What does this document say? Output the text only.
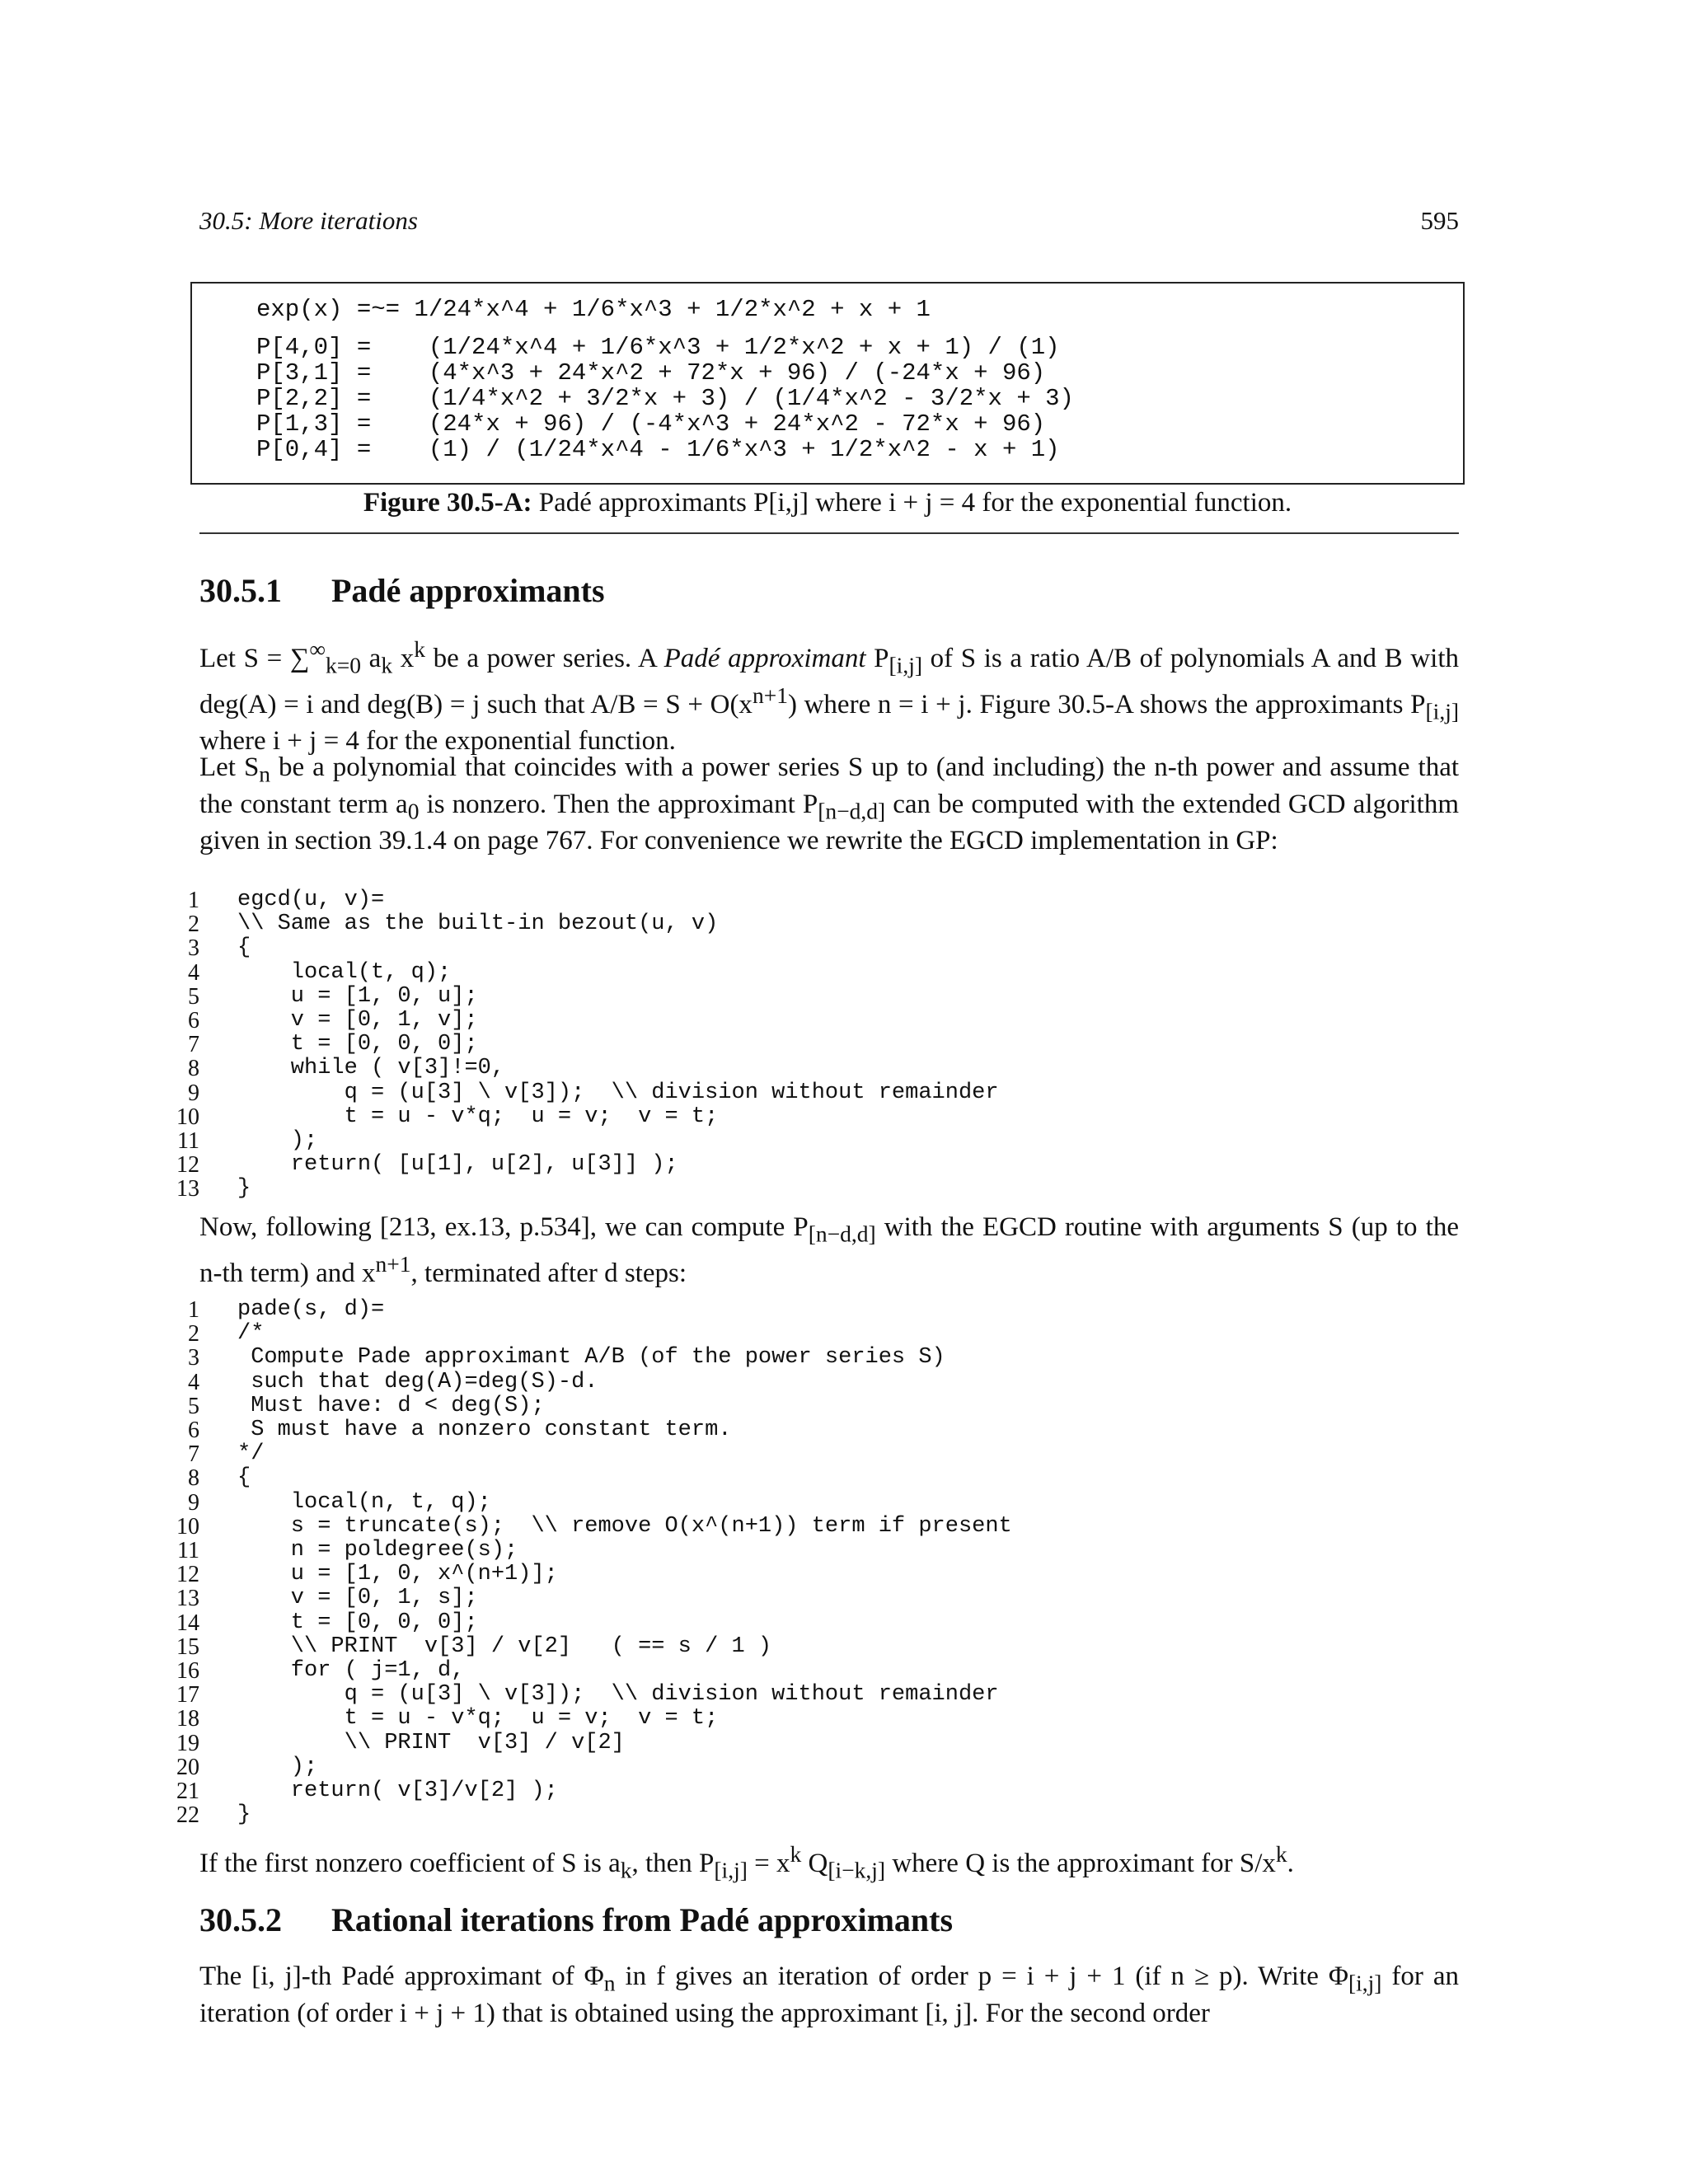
30.5: More iterations	595
exp(x) =~= 1/24*x^4 + 1/6*x^3 + 1/2*x^2 + x + 1
P[4,0] =    (1/24*x^4 + 1/6*x^3 + 1/2*x^2 + x + 1) / (1)
P[3,1] =    (4*x^3 + 24*x^2 + 72*x + 96) / (-24*x + 96)
P[2,2] =    (1/4*x^2 + 3/2*x + 3) / (1/4*x^2 - 3/2*x + 3)
P[1,3] =    (24*x + 96) / (-4*x^3 + 24*x^2 - 72*x + 96)
P[0,4] =    (1) / (1/24*x^4 - 1/6*x^3 + 1/2*x^2 - x + 1)
Figure 30.5-A: Padé approximants P[i,j] where i + j = 4 for the exponential function.
30.5.1 Padé approximants

Let $S = \sum^\infty_{k=0}$ $a_k$ $x^k$ be a power series. A Padé approximant $P_{[i,j]}$ of S is a ratio A/B of polynomials A and B with deg(A) = i and deg(B) = j such that $A/B = S + O(x^{n+1})$ where n = i + j. Figure 30.5-A shows the approximants $P_{[i,j]}$ where i + j = 4 for the exponential function.

Let $S_n$ be a polynomial that coincides with a power series S up to (and including) the n-th power and assume that the constant term $a_0$ is nonzero. Then the approximant $P_{[n-d,d]}$ can be computed with the extended GCD algorithm given in section 39.1.4 on page 767. For convenience we rewrite the EGCD implementation in GP:

1
2
3
4
5
6
7
8
9
10
11
12
13
egcd(u, v)=
\\ Same as the built-in bezout(u, v)
{
local(t, q);
u = [1, 0, u];
v = [0, 1, v];
t = [0, 0, 0];
while ( v[3]!=0,
q = (u[3] \ v[3]);  \\ division without remainder
t = u - v*q;  u = v;  v = t;
);
return( [u[1], u[2], u[3]] );
}

Now, following [213, ex.13, p.534], we can compute $P_{[n-d,d]}$ with the EGCD routine with arguments S (up to the n-th term) and $x^{n+1}$, terminated after d steps:

1
2
3
4
5
6
7
8
9
10
11
12
13
14
15
16
17
18
19
20
21
22
pade(s, d)=
/*
Compute Pade approximant A/B (of the power series S)
such that deg(A)=deg(S)-d.
Must have: d < deg(S);
S must have a nonzero constant term.
*/
{
local(n, t, q);
s = truncate(s);  \\ remove O(x^(n+1)) term if present
n = poldegree(s);
u = [1, 0, x^(n+1)];
v = [0, 1, s];
t = [0, 0, 0];
\\ PRINT  v[3] / v[2]   ( == s / 1 )
for ( j=1, d,
q = (u[3] \ v[3]);  \\ division without remainder
t = u - v*q;  u = v;  v = t;
\\ PRINT  v[3] / v[2]
);
return( v[3]/v[2] );
}

If the first nonzero coefficient of S is $a_k$, then $P_{[i,j]} = x^k$ $Q_{[i-k,j]}$ where Q is the approximant for $S/x^k$.

30.5.2 Rational iterations from Padé approximants

The [i, j]-th Padé approximant of $\Phi_n$ in f gives an iteration of order p = i + j + 1 (if n ≥ p). Write $\Phi_{[i,j]}$ for an iteration (of order i + j + 1) that is obtained using the approximant [i, j]. For the second order
